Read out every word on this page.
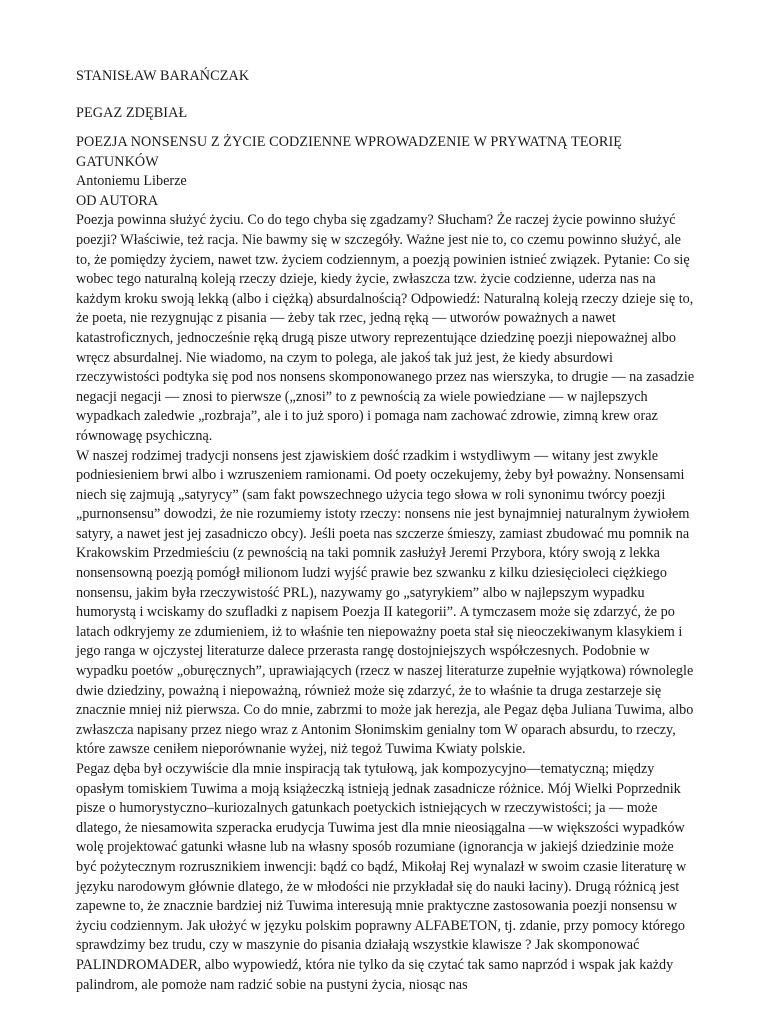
STANISŁAW BARAŃCZAK

PEGAZ ZDĘBIAŁ

POEZJA NONSENSU Z ŻYCIE CODZIENNE WPROWADZENIE W PRYWATNĄ TEORIĘ GATUNKÓW

Antoniemu Liberze

OD AUTORA

Poezja powinna służyć życiu. Co do tego chyba się zgadzamy? Słucham? Że raczej życie powinno służyć poezji? Właściwie, też racja. Nie bawmy się w szczegóły. Ważne jest nie to, co czemu powinno służyć, ale to, że pomiędzy życiem, nawet tzw. życiem codziennym, a poezją powinien istnieć związek. Pytanie: Co się wobec tego naturalną koleją rzeczy dzieje, kiedy życie, zwłaszcza tzw. życie codzienne, uderza nas na każdym kroku swoją lekką (albo i ciężką) absurdalnością? Odpowiedź: Naturalną koleją rzeczy dzieje się to, że poeta, nie rezygnując z pisania — żeby tak rzec, jedną ręką — utworów poważnych a nawet katastroficznych, jednocześnie ręką drugą pisze utwory reprezentujące dziedzinę poezji niepoważnej albo wręcz absurdalnej. Nie wiadomo, na czym to polega, ale jakoś tak już jest, że kiedy absurdowi rzeczywistości podtyka się pod nos nonsens skomponowanego przez nas wierszyka, to drugie — na zasadzie negacji negacji — znosi to pierwsze („znosi” to z pewnością za wiele powiedziane — w najlepszych wypadkach zaledwie „rozbraja”, ale i to już sporo) i pomaga nam zachować zdrowie, zimną krew oraz równowagę psychiczną.

W naszej rodzimej tradycji nonsens jest zjawiskiem dość rzadkim i wstydliwym — witany jest zwykle podniesieniem brwi albo i wzruszeniem ramionami. Od poety oczekujemy, żeby był poważny. Nonsensami niech się zajmują „satyrycy” (sam fakt powszechnego użycia tego słowa w roli synonimu twórcy poezji „purnonsensu” dowodzi, że nie rozumiemy istoty rzeczy: nonsens nie jest bynajmniej naturalnym żywiołem satyry, a nawet jest jej zasadniczo obcy). Jeśli poeta nas szczerze śmieszy, zamiast zbudować mu pomnik na Krakowskim Przedmieściu (z pewnością na taki pomnik zasłużył Jeremi Przybora, który swoją z lekka nonsensowną poezją pomógł milionom ludzi wyjść prawie bez szwanku z kilku dziesięcioleci ciężkiego nonsensu, jakim była rzeczywistość PRL), nazywamy go „satyrykiem” albo w najlepszym wypadku humorystą i wciskamy do szufladki z napisem Poezja II kategorii”. A tymczasem może się zdarzyć, że po latach odkryjemy ze zdumieniem, iż to właśnie ten niepoważny poeta stał się nieoczekiwanym klasykiem i jego ranga w ojczystej literaturze dalece przerasta rangę dostojniejszych współczesnych. Podobnie w wypadku poetów „oburęcznych”, uprawiających (rzecz w naszej literaturze zupełnie wyjątkowa) równolegle dwie dziedziny, poważną i niepoważną, również może się zdarzyć, że to właśnie ta druga zestarzeje się znacznie mniej niż pierwsza. Co do mnie, zabrzmi to może jak herezja, ale Pegaz dęba Juliana Tuwima, albo zwłaszcza napisany przez niego wraz z Antonim Słonimskim genialny tom W oparach absurdu, to rzeczy, które zawsze ceniłem nieporównanie wyżej, niż tegoż Tuwima Kwiaty polskie.

Pegaz dęba był oczywiście dla mnie inspiracją tak tytułową, jak kompozycyjno—tematyczną; między opasłym tomiskiem Tuwima a moją książeczką istnieją jednak zasadnicze różnice. Mój Wielki Poprzednik pisze o humorystyczno–kuriozalnych gatunkach poetyckich istniejących w rzeczywistości; ja — może dlatego, że niesamowita szperacka erudycja Tuwima jest dla mnie nieosiągalna —w większości wypadków wolę projektować gatunki własne lub na własny sposób rozumiane (ignorancja w jakiejś dziedzinie może być pożytecznym rozrusznikiem inwencji: bądź co bądź, Mikołaj Rej wynalazł w swoim czasie literaturę w języku narodowym głównie dlatego, że w młodości nie przykładał się do nauki łaciny). Drugą różnicą jest zapewne to, że znacznie bardziej niż Tuwima interesują mnie praktyczne zastosowania poezji nonsensu w życiu codziennym. Jak ułożyć w języku polskim poprawny ALFABETON, tj. zdanie, przy pomocy którego sprawdzimy bez trudu, czy w maszynie do pisania działają wszystkie klawisze ? Jak skomponować PALINDROMADER, albo wypowiedź, która nie tylko da się czytać tak samo naprzód i wspak jak każdy palindrom, ale pomoże nam radzić sobie na pustyni życia, niosąc nas
